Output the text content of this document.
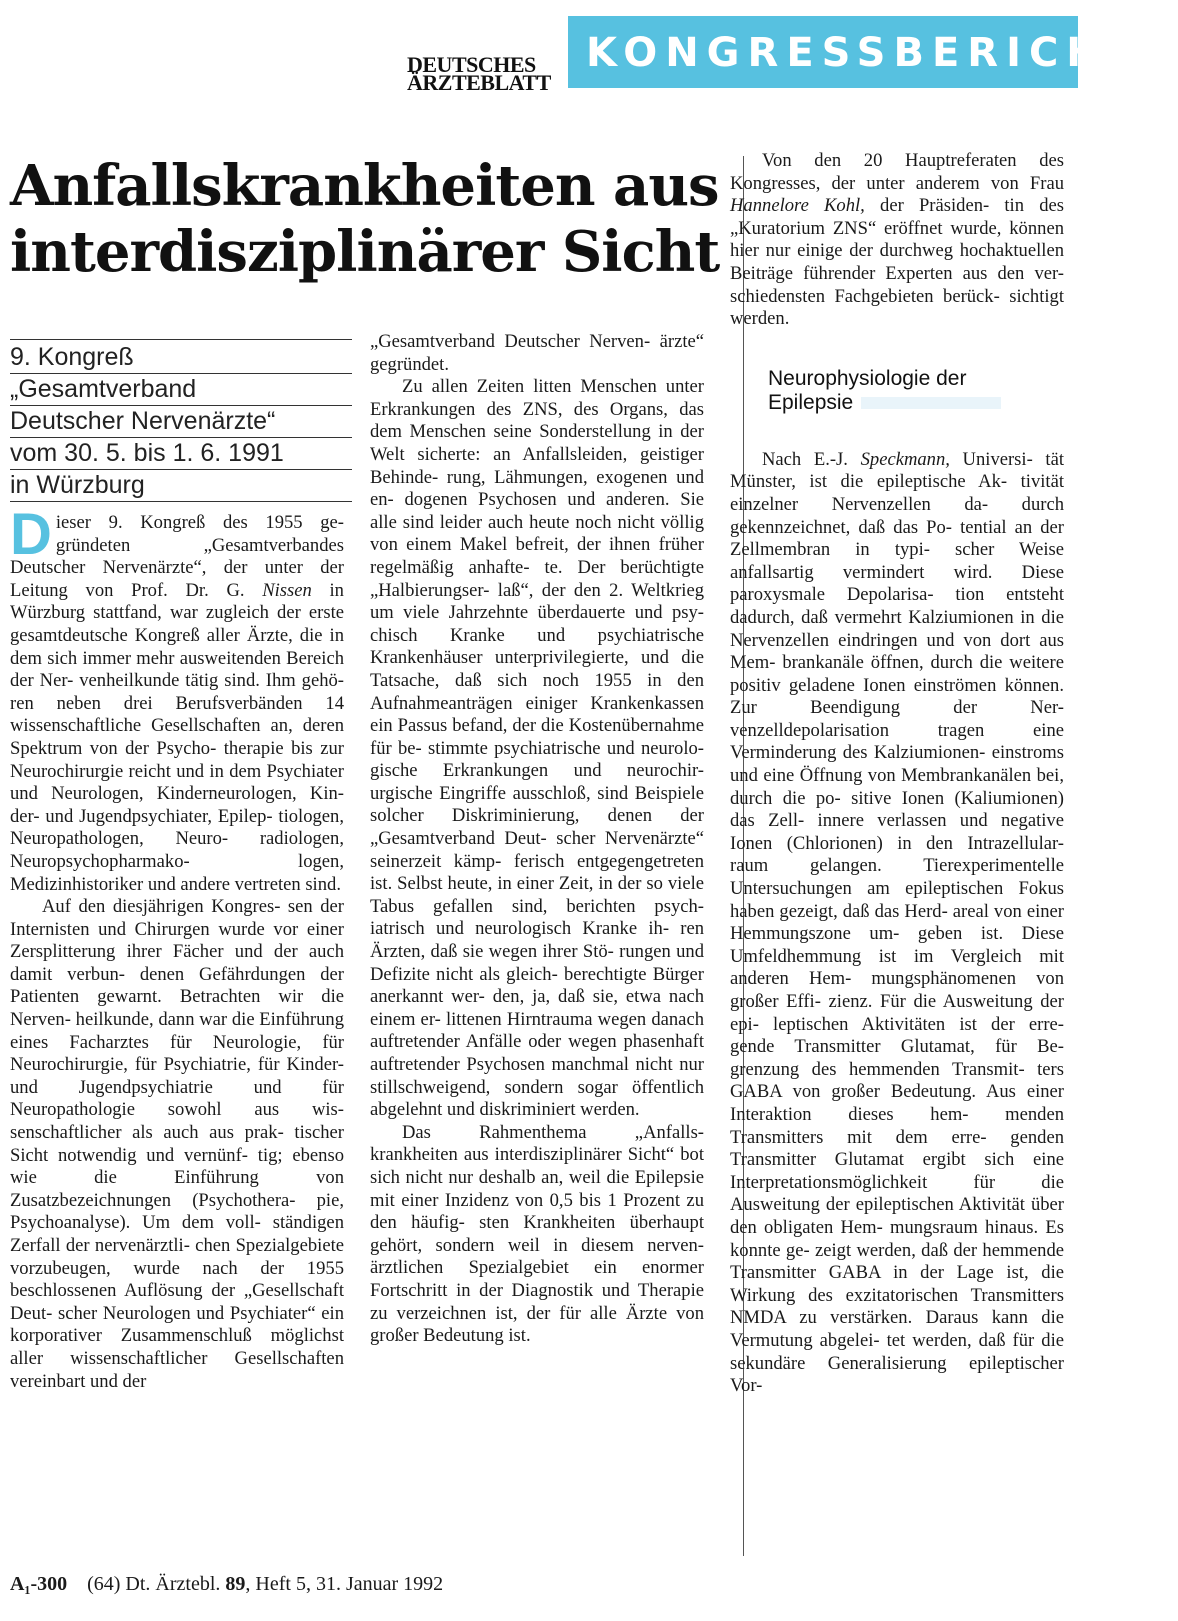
DEUTSCHES
ÄRZTEBLATT
KONGRESSBERICHT
Anfallskrankheiten aus
interdisziplinärer Sicht
9. Kongreß
„Gesamtverband
Deutscher Nervenärzte“
vom 30. 5. bis 1. 6. 1991
in Würzburg

Dieser 9. Kongreß des 1955 ge- gründeten „Gesamtverbandes Deutscher Nervenärzte“, der unter der Leitung von Prof. Dr. G. Nissen in Würzburg stattfand, war zugleich der erste gesamtdeutsche Kongreß aller Ärzte, die in dem sich immer mehr ausweitenden Bereich der Ner- venheilkunde tätig sind. Ihm gehö- ren neben drei Berufsverbänden 14 wissenschaftliche Gesellschaften an, deren Spektrum von der Psycho- therapie bis zur Neurochirurgie reicht und in dem Psychiater und Neurologen, Kinderneurologen, Kin- der- und Jugendpsychiater, Epilep- tiologen, Neuropathologen, Neuro- radiologen, Neuropsychopharmako- logen, Medizinhistoriker und andere vertreten sind.

Auf den diesjährigen Kongres- sen der Internisten und Chirurgen wurde vor einer Zersplitterung ihrer Fächer und der auch damit verbun- denen Gefährdungen der Patienten gewarnt. Betrachten wir die Nerven- heilkunde, dann war die Einführung eines Facharztes für Neurologie, für Neurochirurgie, für Psychiatrie, für Kinder- und Jugendpsychiatrie und für Neuropathologie sowohl aus wis- senschaftlicher als auch aus prak- tischer Sicht notwendig und vernünf- tig; ebenso wie die Einführung von Zusatzbezeichnungen (Psychothera- pie, Psychoanalyse). Um dem voll- ständigen Zerfall der nervenärztli- chen Spezialgebiete vorzubeugen, wurde nach der 1955 beschlossenen Auflösung der „Gesellschaft Deut- scher Neurologen und Psychiater“ ein korporativer Zusammenschluß möglichst aller wissenschaftlicher Gesellschaften vereinbart und der

„Gesamtverband Deutscher Nerven- ärzte“ gegründet.

Zu allen Zeiten litten Menschen unter Erkrankungen des ZNS, des Organs, das dem Menschen seine Sonderstellung in der Welt sicherte: an Anfallsleiden, geistiger Behinde- rung, Lähmungen, exogenen und en- dogenen Psychosen und anderen. Sie alle sind leider auch heute noch nicht völlig von einem Makel befreit, der ihnen früher regelmäßig anhafte- te. Der berüchtigte „Halbierungser- laß“, der den 2. Weltkrieg um viele Jahrzehnte überdauerte und psy- chisch Kranke und psychiatrische Krankenhäuser unterprivilegierte, und die Tatsache, daß sich noch 1955 in den Aufnahmeanträgen einiger Krankenkassen ein Passus befand, der die Kostenübernahme für be- stimmte psychiatrische und neurolo- gische Erkrankungen und neurochir- urgische Eingriffe ausschloß, sind Beispiele solcher Diskriminierung, denen der „Gesamtverband Deut- scher Nervenärzte“ seinerzeit kämp- ferisch entgegengetreten ist. Selbst heute, in einer Zeit, in der so viele Tabus gefallen sind, berichten psych- iatrisch und neurologisch Kranke ih- ren Ärzten, daß sie wegen ihrer Stö- rungen und Defizite nicht als gleich- berechtigte Bürger anerkannt wer- den, ja, daß sie, etwa nach einem er- littenen Hirntrauma wegen danach auftretender Anfälle oder wegen phasenhaft auftretender Psychosen manchmal nicht nur stillschweigend, sondern sogar öffentlich abgelehnt und diskriminiert werden.

Das Rahmenthema „Anfalls- krankheiten aus interdisziplinärer Sicht“ bot sich nicht nur deshalb an, weil die Epilepsie mit einer Inzidenz von 0,5 bis 1 Prozent zu den häufig- sten Krankheiten überhaupt gehört, sondern weil in diesem nerven- ärztlichen Spezialgebiet ein enormer Fortschritt in der Diagnostik und Therapie zu verzeichnen ist, der für alle Ärzte von großer Bedeutung ist.

Von den 20 Hauptreferaten des Kongresses, der unter anderem von Frau Hannelore Kohl, der Präsiden- tin des „Kuratorium ZNS“ eröffnet wurde, können hier nur einige der durchweg hochaktuellen Beiträge führender Experten aus den ver- schiedensten Fachgebieten berück- sichtigt werden.

Neurophysiologie der
Epilepsie

Nach E.-J. Speckmann, Universi- tät Münster, ist die epileptische Ak- tivität einzelner Nervenzellen da- durch gekennzeichnet, daß das Po- tential an der Zellmembran in typi- scher Weise anfallsartig vermindert wird. Diese paroxysmale Depolarisa- tion entsteht dadurch, daß vermehrt Kalziumionen in die Nervenzellen eindringen und von dort aus Mem- brankanäle öffnen, durch die weitere positiv geladene Ionen einströmen können. Zur Beendigung der Ner- venzelldepolarisation tragen eine Verminderung des Kalziumionen- einstroms und eine Öffnung von Membrankanälen bei, durch die po- sitive Ionen (Kaliumionen) das Zell- innere verlassen und negative Ionen (Chlorionen) in den Intrazellular- raum gelangen. Tierexperimentelle Untersuchungen am epileptischen Fokus haben gezeigt, daß das Herd- areal von einer Hemmungszone um- geben ist. Diese Umfeldhemmung ist im Vergleich mit anderen Hem- mungsphänomenen von großer Effi- zienz. Für die Ausweitung der epi- leptischen Aktivitäten ist der erre- gende Transmitter Glutamat, für Be- grenzung des hemmenden Transmit- ters GABA von großer Bedeutung. Aus einer Interaktion dieses hem- menden Transmitters mit dem erre- genden Transmitter Glutamat ergibt sich eine Interpretationsmöglichkeit für die Ausweitung der epileptischen Aktivität über den obligaten Hem- mungsraum hinaus. Es konnte ge- zeigt werden, daß der hemmende Transmitter GABA in der Lage ist, die Wirkung des exzitatorischen Transmitters NMDA zu verstärken. Daraus kann die Vermutung abgelei- tet werden, daß für die sekundäre Generalisierung epileptischer Vor-

A₁-300 (64) Dt. Ärztebl. 89, Heft 5, 31. Januar 1992
